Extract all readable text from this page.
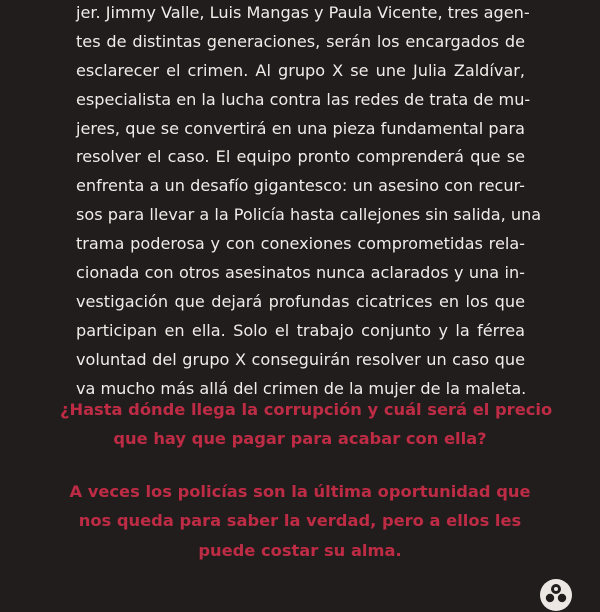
jer. Jimmy Valle, Luis Mangas y Paula Vicente, tres agen-
tes de distintas generaciones, serán los encargados de
esclarecer el crimen. Al grupo X se une Julia Zaldívar,
especialista en la lucha contra las redes de trata de mu-
jeres, que se convertirá en una pieza fundamental para
resolver el caso. El equipo pronto comprenderá que se
enfrenta a un desafío gigantesco: un asesino con recur-
sos para llevar a la Policía hasta callejones sin salida, una
trama poderosa y con conexiones comprometidas rela-
cionada con otros asesinatos nunca aclarados y una in-
vestigación que dejará profundas cicatrices en los que
participan en ella. Solo el trabajo conjunto y la férrea
voluntad del grupo X conseguirán resolver un caso que
va mucho más allá del crimen de la mujer de la maleta.
¿Hasta dónde llega la corrupción y cuál será el precio
que hay que pagar para acabar con ella?
A veces los policías son la última oportunidad que
nos queda para saber la verdad, pero a ellos les
puede costar su alma.
